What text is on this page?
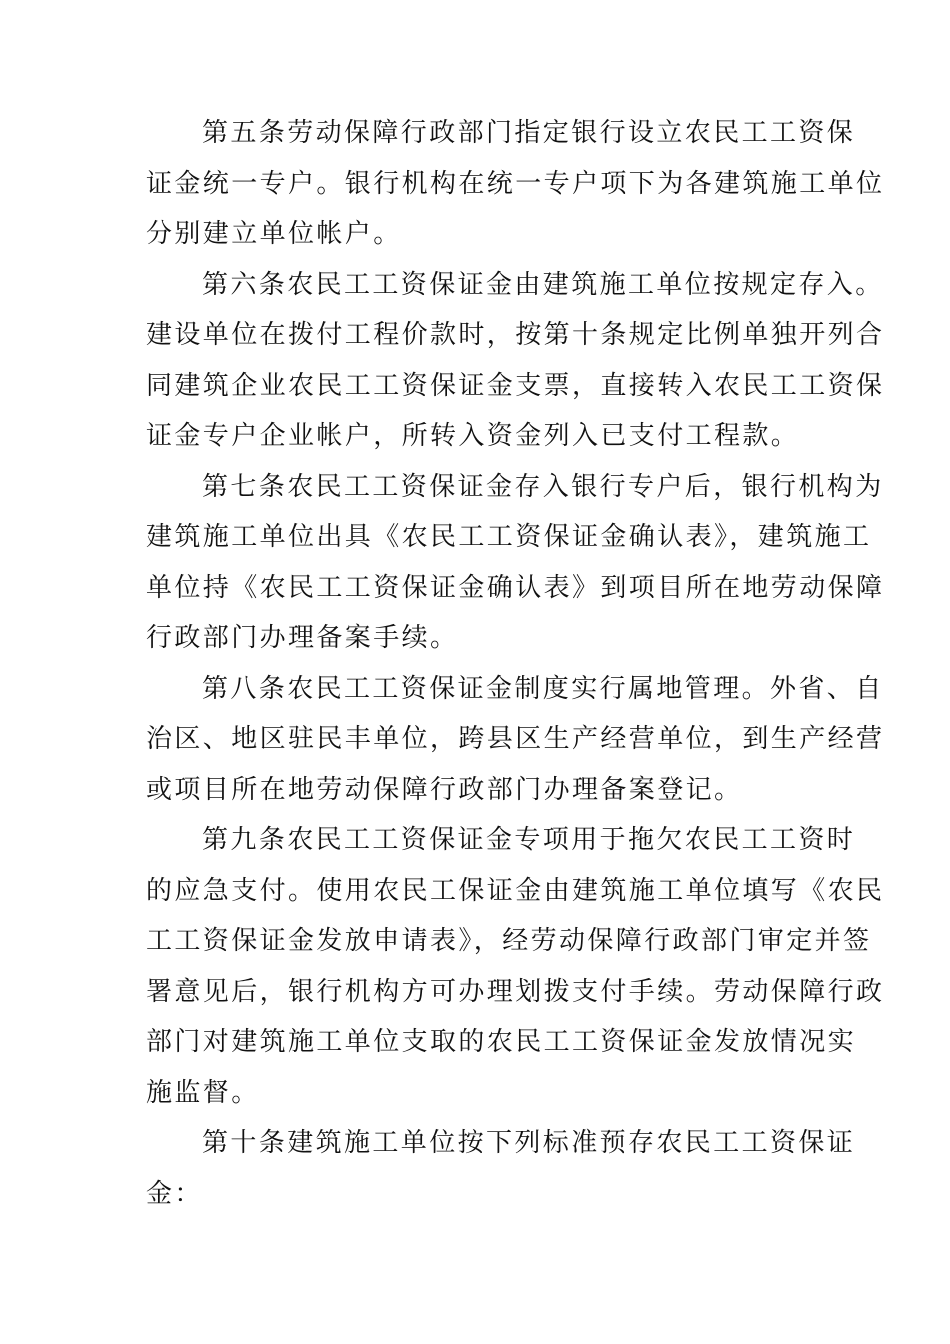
第五条劳动保障行政部门指定银行设立农民工工资保
证金统一专户。银行机构在统一专户项下为各建筑施工单位
分别建立单位帐户。
第六条农民工工资保证金由建筑施工单位按规定存入。
建设单位在拨付工程价款时，按第十条规定比例单独开列合
同建筑企业农民工工资保证金支票，直接转入农民工工资保
证金专户企业帐户，所转入资金列入已支付工程款。
第七条农民工工资保证金存入银行专户后，银行机构为
建筑施工单位出具《农民工工资保证金确认表》，建筑施工
单位持《农民工工资保证金确认表》到项目所在地劳动保障
行政部门办理备案手续。
第八条农民工工资保证金制度实行属地管理。外省、自
治区、地区驻民丰单位，跨县区生产经营单位，到生产经营
或项目所在地劳动保障行政部门办理备案登记。
第九条农民工工资保证金专项用于拖欠农民工工资时
的应急支付。使用农民工保证金由建筑施工单位填写《农民
工工资保证金发放申请表》，经劳动保障行政部门审定并签
署意见后，银行机构方可办理划拨支付手续。劳动保障行政
部门对建筑施工单位支取的农民工工资保证金发放情况实
施监督。
第十条建筑施工单位按下列标准预存农民工工资保证
金：
